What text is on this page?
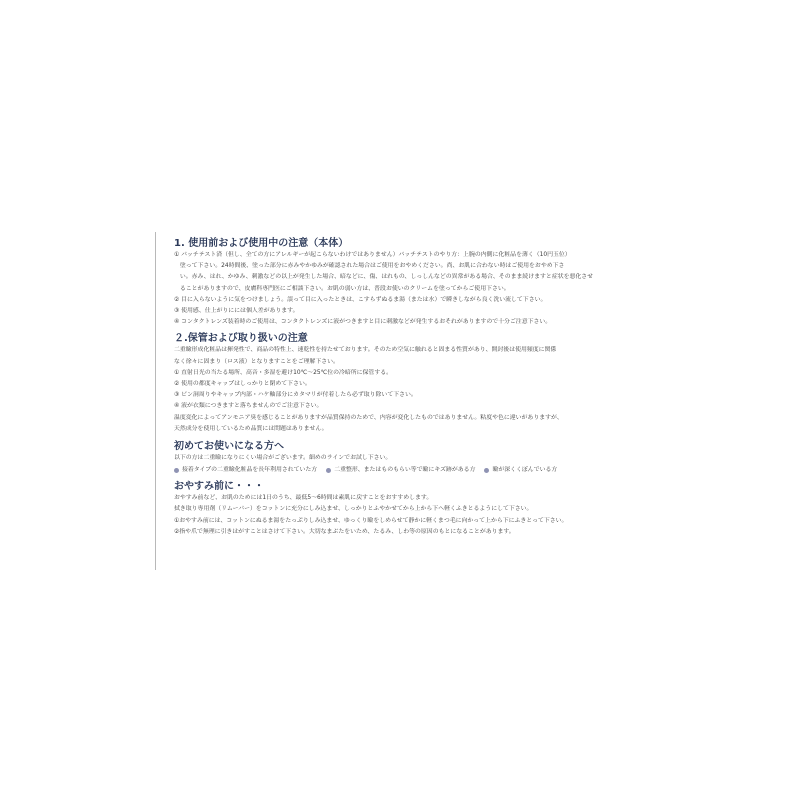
1. 使用前および使用中の注意（本体）
① パッチテスト済（但し、全ての方にアレルギーが起こらないわけではありません）パッチテストのやり方：上腕の内側に化粧品を薄く（10円玉位）
　塗って下さい。24時間後、塗った部分に赤みやかゆみが確認された場合はご使用をおやめください。尚、お肌に合わない時はご使用をおやめ下さ
　い。赤み、はれ、かゆみ、刺激などの以上が発生した場合、暗などに、傷、はれもの、しっしんなどの異常がある場合、そのまま続けますと症状を悪化させ
　ることがありますので、皮膚科専門医にご相談下さい。お肌の弱い方は、普段お使いのクリームを塗ってからご使用下さい。
② 目に入らないように気をつけましょう。誤って目に入ったときは、こすらずぬるま湯（または水）で瞬きしながら良く洗い流して下さい。
③ 使用感、仕上がりにには個人差があります。
④ コンタクトレンズ装着時のご使用は、コンタクトレンズに液がつきますと目に刺激などが発生するおそれがありますので十分ご注意下さい。
２.保管および取り扱いの注意
二重瞼形成化粧品は揮発性で、商品の特性上、速乾性を持たせております。そのため空気に触れると固まる性質があり、開封後は使用頻度に関係
なく徐々に固まり（ロス液）となりますことをご理解下さい。
① 直射日光の当たる場所、高音・多湿を避け10℃～25℃位の冷暗所に保管する。
② 使用の都度キャップはしっかりと閉めて下さい。
③ ビン洞周りやキャップ内部・ハケ軸部分にカタマリが付着したら必ず取り除いて下さい。
④ 液が衣類につきますと落ちませんのでご注意下さい。
温度変化によってアンモニア臭を感じることがありますが品質保持のためで、内容が変化したものではありません。粘度や色に違いがありますが、
天然成分を使用しているため品質には問題はありません。
初めてお使いになる方へ
以下の方は二重瞼になりにくい場合がございます。細めのラインでお試し下さい。
接着タイプの二重瞼化粧品を長年利用されていた方	二重整形、またはものもらい等で瞼にキズ跡がある方	瞼が深くくぼんでいる方
おやすみ前に・・・
おやすみ前など、お肌のためには1日のうち、最低5～6時間は素肌に戻すことをおすすめします。
拭き取り専用剤（リムーバー）をコットンに充分にしみ込ませ、しっかりとふやかせてから上から下へ軽くふきとるようにして下さい。
①おやすみ前には、コットンにぬるま湯をたっぷりしみ込ませ、ゆっくり瞼をしめらせて静かに軽くまつ毛に向かって上から下にふきとって下さい。
②指や爪で無理に引きはがすことはさけて下さい。大切なまぶたをいため、たるみ、しわ等の原因のもとになることがあります。
